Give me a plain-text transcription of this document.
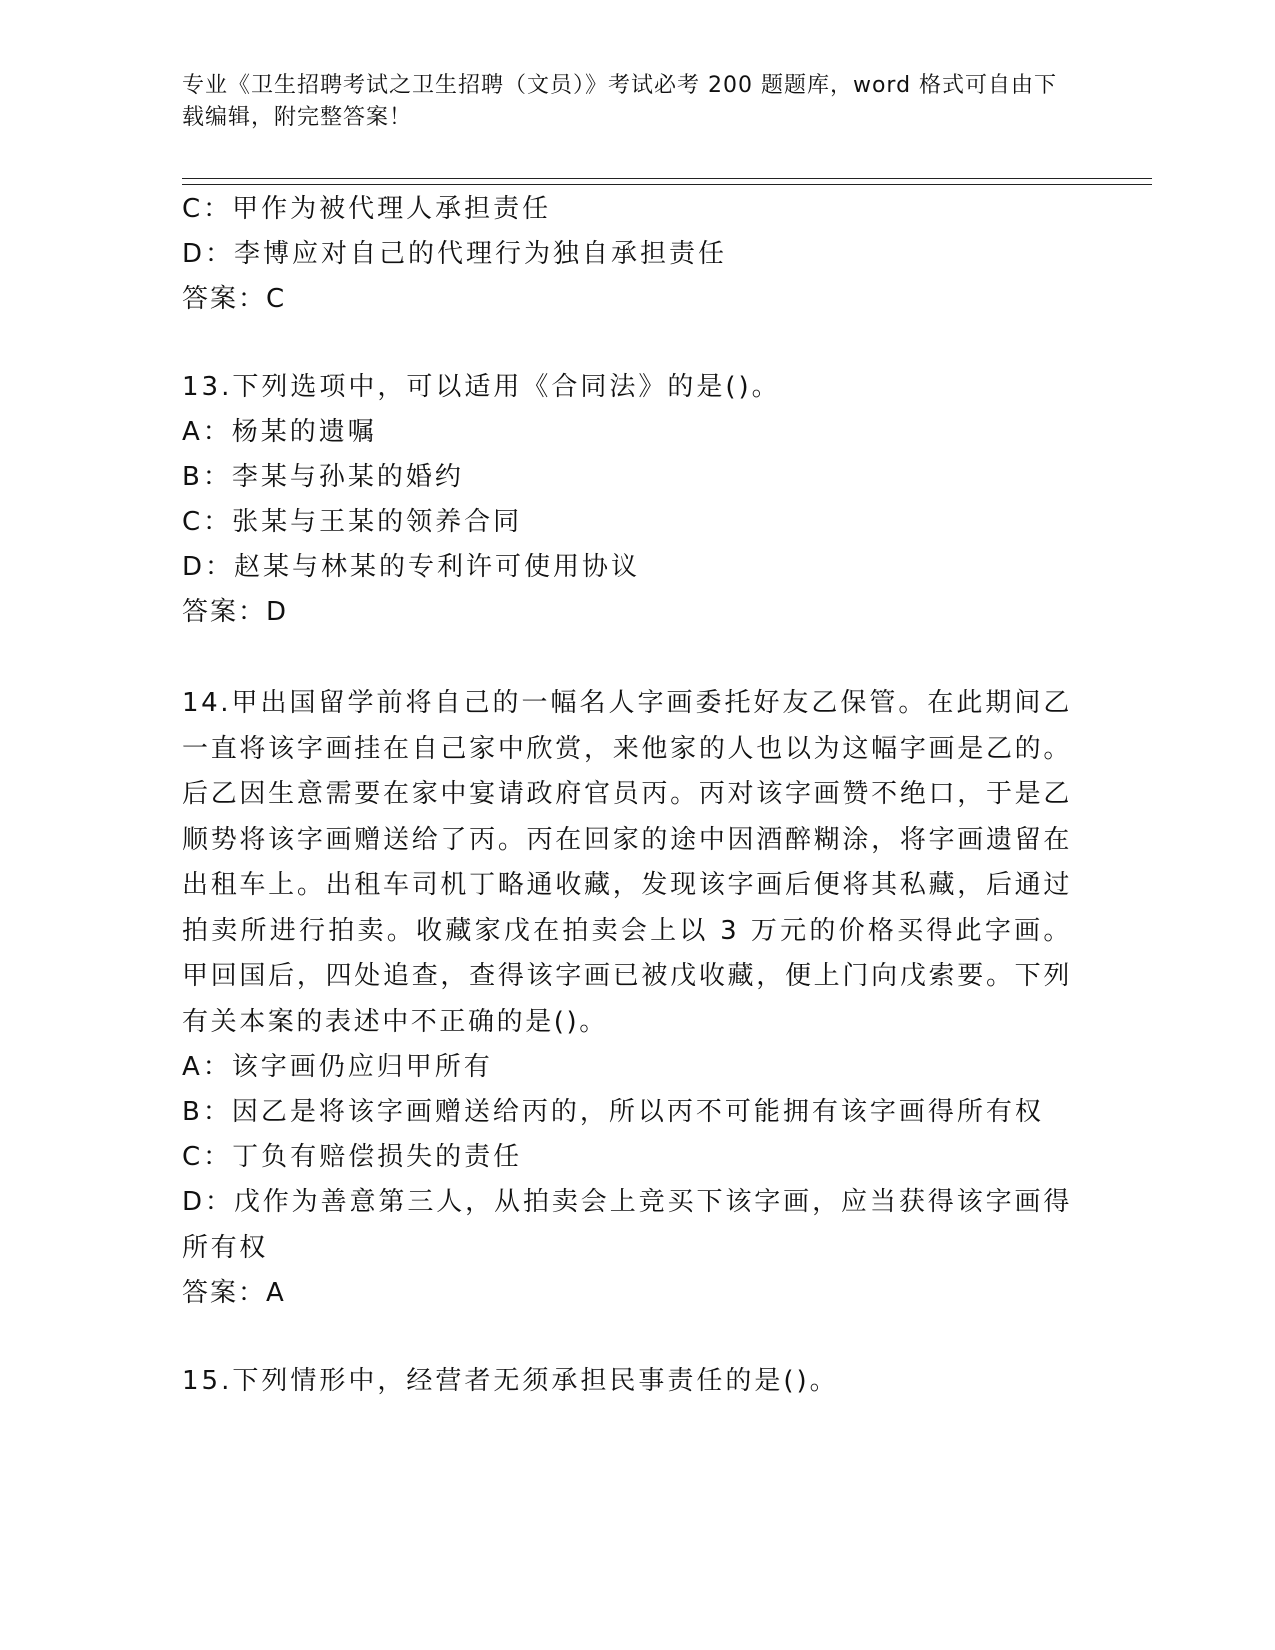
专业《卫生招聘考试之卫生招聘（文员）》考试必考 200 题题库，word 格式可自由下载编辑，附完整答案！
C：甲作为被代理人承担责任
D：李博应对自己的代理行为独自承担责任
答案：C
13.下列选项中，可以适用《合同法》的是()。
A：杨某的遗嘱
B：李某与孙某的婚约
C：张某与王某的领养合同
D：赵某与林某的专利许可使用协议
答案：D
14.甲出国留学前将自己的一幅名人字画委托好友乙保管。在此期间乙一直将该字画挂在自己家中欣赏，来他家的人也以为这幅字画是乙的。后乙因生意需要在家中宴请政府官员丙。丙对该字画赞不绝口，于是乙顺势将该字画赠送给了丙。丙在回家的途中因酒醉糊涂，将字画遗留在出租车上。出租车司机丁略通收藏，发现该字画后便将其私藏，后通过拍卖所进行拍卖。收藏家戊在拍卖会上以 3 万元的价格买得此字画。甲回国后，四处追查，查得该字画已被戊收藏，便上门向戊索要。下列有关本案的表述中不正确的是()。
A：该字画仍应归甲所有
B：因乙是将该字画赠送给丙的，所以丙不可能拥有该字画得所有权
C：丁负有赔偿损失的责任
D：戊作为善意第三人，从拍卖会上竞买下该字画，应当获得该字画得所有权
答案：A
15.下列情形中，经营者无须承担民事责任的是()。
